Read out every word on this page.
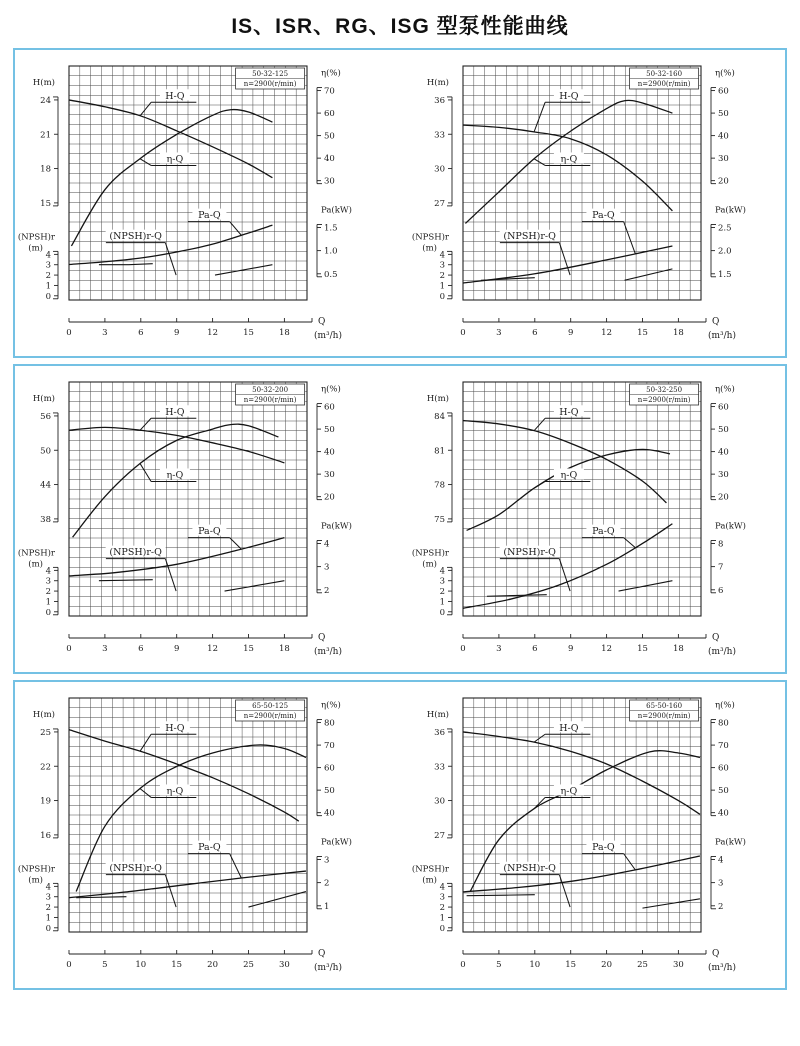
IS、ISR、RG、ISG 型泵性能曲线
24
21
18
15
H(m)
4
3
2
1
0
(NPSH)r
(m)
70
60
50
40
30
η(%)
1.5
1.0
0.5
Pa(kW)
H-Q
η-Q
Pa-Q
(NPSH)r-Q
50-32-125
n=2900(r/min)
0	3	6	9	12	15	18
Q
(m³/h)
36
33
30
27
H(m)
4
3
2
1
0
(NPSH)r
(m)
60
50
40
30
20
η(%)
2.5
2.0
1.5
Pa(kW)
H-Q
η-Q
Pa-Q
(NPSH)r-Q
50-32-160
n=2900(r/min)
0	3	6	9	12	15	18
Q
(m³/h)
56
50
44
38
H(m)
4
3
2
1
0
(NPSH)r
(m)
60
50
40
30
20
η(%)
4
3
2
Pa(kW)
H-Q
η-Q
Pa-Q
(NPSH)r-Q
50-32-200
n=2900(r/min)
0	3	6	9	12	15	18
Q
(m³/h)
84
81
78
75
H(m)
4
3
2
1
0
(NPSH)r
(m)
60
50
40
30
20
η(%)
8
7
6
Pa(kW)
H-Q
η-Q
Pa-Q
(NPSH)r-Q
50-32-250
n=2900(r/min)
0	3	6	9	12	15	18
Q
(m³/h)
25
22
19
16
H(m)
4
3
2
1
0
(NPSH)r
(m)
80
70
60
50
40
η(%)
3
2
1
Pa(kW)
H-Q
η-Q
Pa-Q
(NPSH)r-Q
65-50-125
n=2900(r/min)
0	5	10	15	20	25	30
Q
(m³/h)
36
33
30
27
H(m)
4
3
2
1
0
(NPSH)r
(m)
80
70
60
50
40
η(%)
4
3
2
Pa(kW)
H-Q
η-Q
Pa-Q
(NPSH)r-Q
65-50-160
n=2900(r/min)
0	5	10	15	20	25	30
Q
(m³/h)
